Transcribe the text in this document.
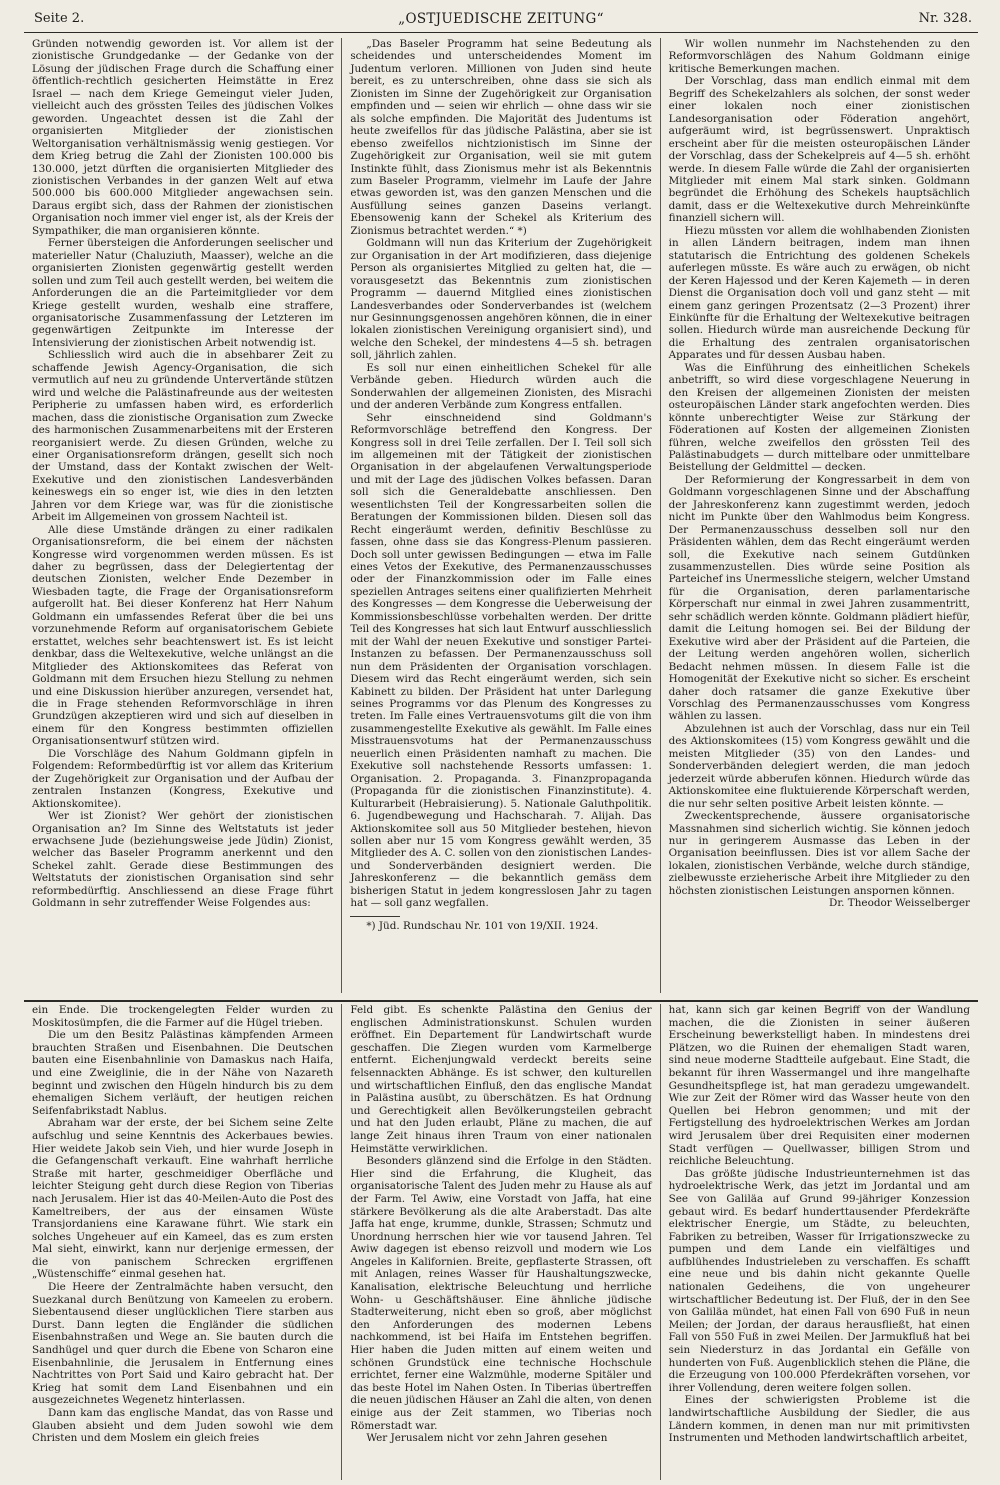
Seite 2.	„OSTJUEDISCHE ZEITUNG“	Nr. 328.

Gründen notwendig geworden ist. Vor allem ist der zionistische Grundgedanke — der Gedanke von der Lösung der jüdischen Frage durch die Schaffung einer öffentlich-rechtlich gesicherten Heimstätte in Erez Israel — nach dem Kriege Gemeingut vieler Juden, vielleicht auch des grössten Teiles des jüdischen Volkes geworden. Ungeachtet dessen ist die Zahl der organisierten Mitglieder der zionistischen Weltorganisation verhältnismässig wenig gestiegen. Vor dem Krieg betrug die Zahl der Zionisten 100.000 bis 130.000, jetzt dürften die organisierten Mitglieder des zionistischen Verbandes in der ganzen Welt auf etwa 500.000 bis 600.000 Mitglieder angewachsen sein. Daraus ergibt sich, dass der Rahmen der zionistischen Organisation noch immer viel enger ist, als der Kreis der Sympathiker, die man organisieren könnte.

Ferner übersteigen die Anforderungen seelischer und materieller Natur (Chaluziuth, Maasser), welche an die organisierten Zionisten gegenwärtig gestellt werden sollen und zum Teil auch gestellt werden, bei weitem die Anforderungen die an die Parteimitglieder vor dem Kriege gestellt wurden, weshalb eine straffere, organisatorische Zusammenfassung der Letzteren im gegenwärtigen Zeitpunkte im Interesse der Intensivierung der zionistischen Arbeit notwendig ist.

Schliesslich wird auch die in absehbarer Zeit zu schaffende Jewish Agency-Organisation, die sich vermutlich auf neu zu gründende Untervertände stützen wird und welche die Palästinafreunde aus der weitesten Peripherie zu umfassen haben wird, es erforderlich machen, dass die zionistische Organisation zum Zwecke des harmonischen Zusammenarbeitens mit der Ersteren reorganisiert werde. Zu diesen Gründen, welche zu einer Organisationsreform drängen, gesellt sich noch der Umstand, dass der Kontakt zwischen der Welt-Exekutive und den zionistischen Landesverbänden keineswegs ein so enger ist, wie dies in den letzten Jahren vor dem Kriege war, was für die zionistische Arbeit im Allgemeinen von grossem Nachteil ist.

Alle diese Umstände drängen zu einer radikalen Organisationsreform, die bei einem der nächsten Kongresse wird vorgenommen werden müssen. Es ist daher zu begrüssen, dass der Delegiertentag der deutschen Zionisten, welcher Ende Dezember in Wiesbaden tagte, die Frage der Organisationsreform aufgerollt hat. Bei dieser Konferenz hat Herr Nahum Goldmann ein umfassendes Referat über die bei uns vorzunehmende Reform auf organisatorischem Gebiete erstattet, welches sehr beachtenswert ist. Es ist leicht denkbar, dass die Weltexekutive, welche unlängst an die Mitglieder des Aktionskomitees das Referat von Goldmann mit dem Ersuchen hiezu Stellung zu nehmen und eine Diskussion hierüber anzuregen, versendet hat, die in Frage stehenden Reformvorschläge in ihren Grundzügen akzeptieren wird und sich auf dieselben in einem für den Kongress bestimmten offiziellen Organisationsentwurf stützen wird.

Die Vorschläge des Nahum Goldmann gipfeln in Folgendem: Reformbedürftig ist vor allem das Kriterium der Zugehörigkeit zur Organisation und der Aufbau der zentralen Instanzen (Kongress, Exekutive und Aktionskomitee).

Wer ist Zionist? Wer gehört der zionistischen Organisation an? Im Sinne des Weltstatuts ist jeder erwachsene Jude (beziehungsweise jede Jüdin) Zionist, welcher das Baseler Programm anerkennt und den Schekel zahlt. Gerade diese Bestimmungen des Weltstatuts der zionistischen Organisation sind sehr reformbedürftig. Anschliessend an diese Frage führt Goldmann in sehr zutreffender Weise Folgendes aus:

„Das Baseler Programm hat seine Bedeutung als scheidendes und unterscheidendes Moment im Judentum verloren. Millionen von Juden sind heute bereit, es zu unterschreiben, ohne dass sie sich als Zionisten im Sinne der Zugehörigkeit zur Organisation empfinden und — seien wir ehrlich — ohne dass wir sie als solche empfinden. Die Majorität des Judentums ist heute zweifellos für das jüdische Palästina, aber sie ist ebenso zweifellos nichtzionistisch im Sinne der Zugehörigkeit zur Organisation, weil sie mit gutem Instinkte fühlt, dass Zionismus mehr ist als Bekenntnis zum Baseler Programm, vielmehr im Laufe der Jahre etwas geworden ist, was den ganzen Menschen und die Ausfüllung seines ganzen Daseins verlangt. Ebensowenig kann der Schekel als Kriterium des Zionismus betrachtet werden.“ *)

Goldmann will nun das Kriterium der Zugehörigkeit zur Organisation in der Art modifizieren, dass diejenige Person als organisiertes Mitglied zu gelten hat, die — vorausgesetzt das Bekenntnis zum zionistischen Programm — dauernd Mitglied eines zionistischen Landesverbandes oder Sonderverbandes ist (welchem nur Gesinnungsgenossen angehören können, die in einer lokalen zionistischen Vereinigung organisiert sind), und welche den Schekel, der mindestens 4—5 sh. betragen soll, jährlich zahlen.

Es soll nur einen einheitlichen Schekel für alle Verbände geben. Hiedurch würden auch die Sonderwahlen der allgemeinen Zionisten, des Misrachi und der anderen Verbände zum Kongress entfallen.

Sehr einschneidend sind Goldmann's Reformvorschläge betreffend den Kongress. Der Kongress soll in drei Teile zerfallen. Der I. Teil soll sich im allgemeinen mit der Tätigkeit der zionistischen Organisation in der abgelaufenen Verwaltungsperiode und mit der Lage des jüdischen Volkes befassen. Daran soll sich die Generaldebatte anschliessen. Den wesentlichsten Teil der Kongressarbeiten sollen die Beratungen der Kommissionen bilden. Diesen soll das Recht eingeräumt werden, definitiv Beschlüsse zu fassen, ohne dass sie das Kongress-Plenum passieren. Doch soll unter gewissen Bedingungen — etwa im Falle eines Vetos der Exekutive, des Permanenzausschusses oder der Finanzkommission oder im Falle eines speziellen Antrages seitens einer qualifizierten Mehrheit des Kongresses — dem Kongresse die Ueberweisung der Kommissionsbeschlüsse vorbehalten werden. Der dritte Teil des Kongresses hat sich laut Entwurf ausschliesslich mit der Wahl der neuen Exekutive und sonstiger Partei-Instanzen zu befassen. Der Permanenzausschuss soll nun dem Präsidenten der Organisation vorschlagen. Diesem wird das Recht eingeräumt werden, sich sein Kabinett zu bilden. Der Präsident hat unter Darlegung seines Programms vor das Plenum des Kongresses zu treten. Im Falle eines Vertrauensvotums gilt die von ihm zusammengestellte Exekutive als gewählt. Im Falle eines Misstrauensvotums hat der Permanenzausschuss neuerlich einen Präsidenten namhaft zu machen. Die Exekutive soll nachstehende Ressorts umfassen: 1. Organisation. 2. Propaganda. 3. Finanzpropaganda (Propaganda für die zionistischen Finanzinstitute). 4. Kulturarbeit (Hebraisierung). 5. Nationale Galuthpolitik. 6. Jugendbewegung und Hachscharah. 7. Alijah. Das Aktionskomitee soll aus 50 Mitglieder bestehen, hievon sollen aber nur 15 vom Kongress gewählt werden, 35 Mitglieder des A. C. sollen von den zionistischen Landes- und Sonderverbänden designiert werden. Die Jahreskonferenz — die bekanntlich gemäss dem bisherigen Statut in jedem kongresslosen Jahr zu tagen hat — soll ganz wegfallen.

*) Jüd. Rundschau Nr. 101 von 19/XII. 1924.

Wir wollen nunmehr im Nachstehenden zu den Reformvorschlägen des Nahum Goldmann einige kritische Bemerkungen machen.

Der Vorschlag, dass man endlich einmal mit dem Begriff des Schekelzahlers als solchen, der sonst weder einer lokalen noch einer zionistischen Landesorganisation oder Föderation angehört, aufgeräumt wird, ist begrüssenswert. Unpraktisch erscheint aber für die meisten osteuropäischen Länder der Vorschlag, dass der Schekelpreis auf 4—5 sh. erhöht werde. In diesem Falle würde die Zahl der organisierten Mitglieder mit einem Mal stark sinken. Goldmann begründet die Erhöhung des Schekels hauptsächlich damit, dass er die Weltexekutive durch Mehreinkünfte finanziell sichern will.

Hiezu müssten vor allem die wohlhabenden Zionisten in allen Ländern beitragen, indem man ihnen statutarisch die Entrichtung des goldenen Schekels auferlegen müsste. Es wäre auch zu erwägen, ob nicht der Keren Hajessod und der Keren Kajemeth — in deren Dienst die Organisation doch voll und ganz steht — mit einem ganz geringen Prozentsatz (2—3 Prozent) ihrer Einkünfte für die Erhaltung der Weltexekutive beitragen sollen. Hiedurch würde man ausreichende Deckung für die Erhaltung des zentralen organisatorischen Apparates und für dessen Ausbau haben.

Was die Einführung des einheitlichen Schekels anbetrifft, so wird diese vorgeschlagene Neuerung in den Kreisen der allgemeinen Zionisten der meisten osteuropäischen Länder stark angefochten werden. Dies könnte unberechtigter Weise zur Stärkung der Föderationen auf Kosten der allgemeinen Zionisten führen, welche zweifellos den grössten Teil des Palästinabudgets — durch mittelbare oder unmittelbare Beistellung der Geldmittel — decken.

Der Reformierung der Kongressarbeit in dem von Goldmann vorgeschlagenen Sinne und der Abschaffung der Jahreskonferenz kann zugestimmt werden, jedoch nicht im Punkte über den Wahlmodus beim Kongress. Der Permanenzausschuss desselben soll nur den Präsidenten wählen, dem das Recht eingeräumt werden soll, die Exekutive nach seinem Gutdünken zusammenzustellen. Dies würde seine Position als Parteichef ins Unermessliche steigern, welcher Umstand für die Organisation, deren parlamentarische Körperschaft nur einmal in zwei Jahren zusammentritt, sehr schädlich werden könnte. Goldmann plädiert hiefür, damit die Leitung homogen sei. Bei der Bildung der Exekutive wird aber der Präsident auf die Parteien, die der Leitung werden angehören wollen, sicherlich Bedacht nehmen müssen. In diesem Falle ist die Homogenität der Exekutive nicht so sicher. Es erscheint daher doch ratsamer die ganze Exekutive über Vorschlag des Permanenzausschusses vom Kongress wählen zu lassen.

Abzulehnen ist auch der Vorschlag, dass nur ein Teil des Aktionskomitees (15) vom Kongress gewählt und die meisten Mitglieder (35) von den Landes- und Sonderverbänden delegiert werden, die man jedoch jederzeit würde abberufen können. Hiedurch würde das Aktionskomitee eine fluktuierende Körperschaft werden, die nur sehr selten positive Arbeit leisten könnte. —

Zweckentsprechende, äussere organisatorische Massnahmen sind sicherlich wichtig. Sie können jedoch nur in geringerem Ausmasse das Leben in der Organisation beeinflussen. Dies ist vor allem Sache der lokalen, zionistischen Verbände, welche durch ständige, zielbewusste erzieherische Arbeit ihre Mitglieder zu den höchsten zionistischen Leistungen anspornen können.

Dr. Theodor Weisselberger

ein Ende. Die trockengelegten Felder wurden zu Moskitosümpfen, die die Farmer auf die Hügel trieben.

Die um den Besitz Palästinas kämpfenden Armeen brauchten Straßen und Eisenbahnen. Die Deutschen bauten eine Eisenbahnlinie von Damaskus nach Haifa, und eine Zweiglinie, die in der Nähe von Nazareth beginnt und zwischen den Hügeln hindurch bis zu dem ehemaligen Sichem verläuft, der heutigen reichen Seifenfabrikstadt Nablus.

Abraham war der erste, der bei Sichem seine Zelte aufschlug und seine Kenntnis des Ackerbaues bewies. Hier weidete Jakob sein Vieh, und hier wurde Joseph in die Gefangenschaft verkauft. Eine wahrhaft herrliche Straße mit harter, geschmeidiger Oberfläche und leichter Steigung geht durch diese Region von Tiberias nach Jerusalem. Hier ist das 40-Meilen-Auto die Post des Kameltreibers, der aus der einsamen Wüste Transjordaniens eine Karawane führt. Wie stark ein solches Ungeheuer auf ein Kameel, das es zum ersten Mal sieht, einwirkt, kann nur derjenige ermessen, der die von panischem Schrecken ergriffenen „Wüstenschiffe“ einmal gesehen hat.

Die Heere der Zentralmächte haben versucht, den Suezkanal durch Benützung von Kameelen zu erobern. Siebentausend dieser unglücklichen Tiere starben aus Durst. Dann legten die Engländer die südlichen Eisenbahnstraßen und Wege an. Sie bauten durch die Sandhügel und quer durch die Ebene von Scharon eine Eisenbahnlinie, die Jerusalem in Entfernung eines Nachtrittes von Port Said und Kairo gebracht hat. Der Krieg hat somit dem Land Eisenbahnen und ein ausgezeichnetes Wegenetz hinterlassen.

Dann kam das englische Mandat, das von Rasse und Glauben absieht und dem Juden sowohl wie dem Christen und dem Moslem ein gleich freies

Feld gibt. Es schenkte Palästina den Genius der englischen Administrationskunst. Schulen wurden eröffnet. Ein Departement für Landwirtschaft wurde geschaffen. Die Ziegen wurden vom Karmelberge entfernt. Eichenjungwald verdeckt bereits seine felsennackten Abhänge. Es ist schwer, den kulturellen und wirtschaftlichen Einfluß, den das englische Mandat in Palästina ausübt, zu überschätzen. Es hat Ordnung und Gerechtigkeit allen Bevölkerungsteilen gebracht und hat den Juden erlaubt, Pläne zu machen, die auf lange Zeit hinaus ihren Traum von einer nationalen Heimstätte verwirklichen.

Besonders glänzend sind die Erfolge in den Städten. Hier sind die Erfahrung, die Klugheit, das organisatorische Talent des Juden mehr zu Hause als auf der Farm. Tel Awiw, eine Vorstadt von Jaffa, hat eine stärkere Bevölkerung als die alte Araberstadt. Das alte Jaffa hat enge, krumme, dunkle, Strassen; Schmutz und Unordnung herrschen hier wie vor tausend Jahren. Tel Awiw dagegen ist ebenso reizvoll und modern wie Los Angeles in Kalifornien. Breite, gepflasterte Strassen, oft mit Anlagen, reines Wasser für Haushaltungszwecke, Kanalisation, elektrische Beleuchtung und herrliche Wohn- u Geschäftshäuser. Eine ähnliche jüdische Stadterweiterung, nicht eben so groß, aber möglichst den Anforderungen des modernen Lebens nachkommend, ist bei Haifa im Entstehen begriffen. Hier haben die Juden mitten auf einem weiten und schönen Grundstück eine technische Hochschule errichtet, ferner eine Walzmühle, moderne Spitäler und das beste Hotel im Nahen Osten. In Tiberias übertreffen die neuen jüdischen Häuser an Zahl die alten, von denen einige aus der Zeit stammen, wo Tiberias noch Römerstadt war.

Wer Jerusalem nicht vor zehn Jahren gesehen

hat, kann sich gar keinen Begriff von der Wandlung machen, die die Zionisten in seiner äußeren Erscheinung bewerkstelligt haben. In mindestens drei Plätzen, wo die Ruinen der ehemaligen Stadt waren, sind neue moderne Stadtteile aufgebaut. Eine Stadt, die bekannt für ihren Wassermangel und ihre mangelhafte Gesundheitspflege ist, hat man geradezu umgewandelt. Wie zur Zeit der Römer wird das Wasser heute von den Quellen bei Hebron genommen; und mit der Fertigstellung des hydroelektrischen Werkes am Jordan wird Jerusalem über drei Requisiten einer modernen Stadt verfügen — Quellwasser, billigen Strom und reichliche Beleuchtung.

Das größte jüdische Industrieunternehmen ist das hydroelektrische Werk, das jetzt im Jordantal und am See von Galiläa auf Grund 99-jähriger Konzession gebaut wird. Es bedarf hunderttausender Pferdekräfte elektrischer Energie, um Städte, zu beleuchten, Fabriken zu betreiben, Wasser für Irrigationszwecke zu pumpen und dem Lande ein vielfältiges und aufblühendes Industrieleben zu verschaffen. Es schafft eine neue und bis dahin nicht gekannte Quelle nationalen Gedeihens, die von ungeheurer wirtschaftlicher Bedeutung ist. Der Fluß, der in den See von Galiläa mündet, hat einen Fall von 690 Fuß in neun Meilen; der Jordan, der daraus herausfließt, hat einen Fall von 550 Fuß in zwei Meilen. Der Jarmukfluß hat bei sein Niedersturz in das Jordantal ein Gefälle von hunderten von Fuß. Augenblicklich stehen die Pläne, die die Erzeugung von 100.000 Pferdekräften vorsehen, vor ihrer Vollendung, deren weitere folgen sollen.

Eines der schwierigsten Probleme ist die landwirtschaftliche Ausbildung der Siedler, die aus Ländern kommen, in denen man nur mit primitivsten Instrumenten und Methoden landwirtschaftlich arbeitet,
